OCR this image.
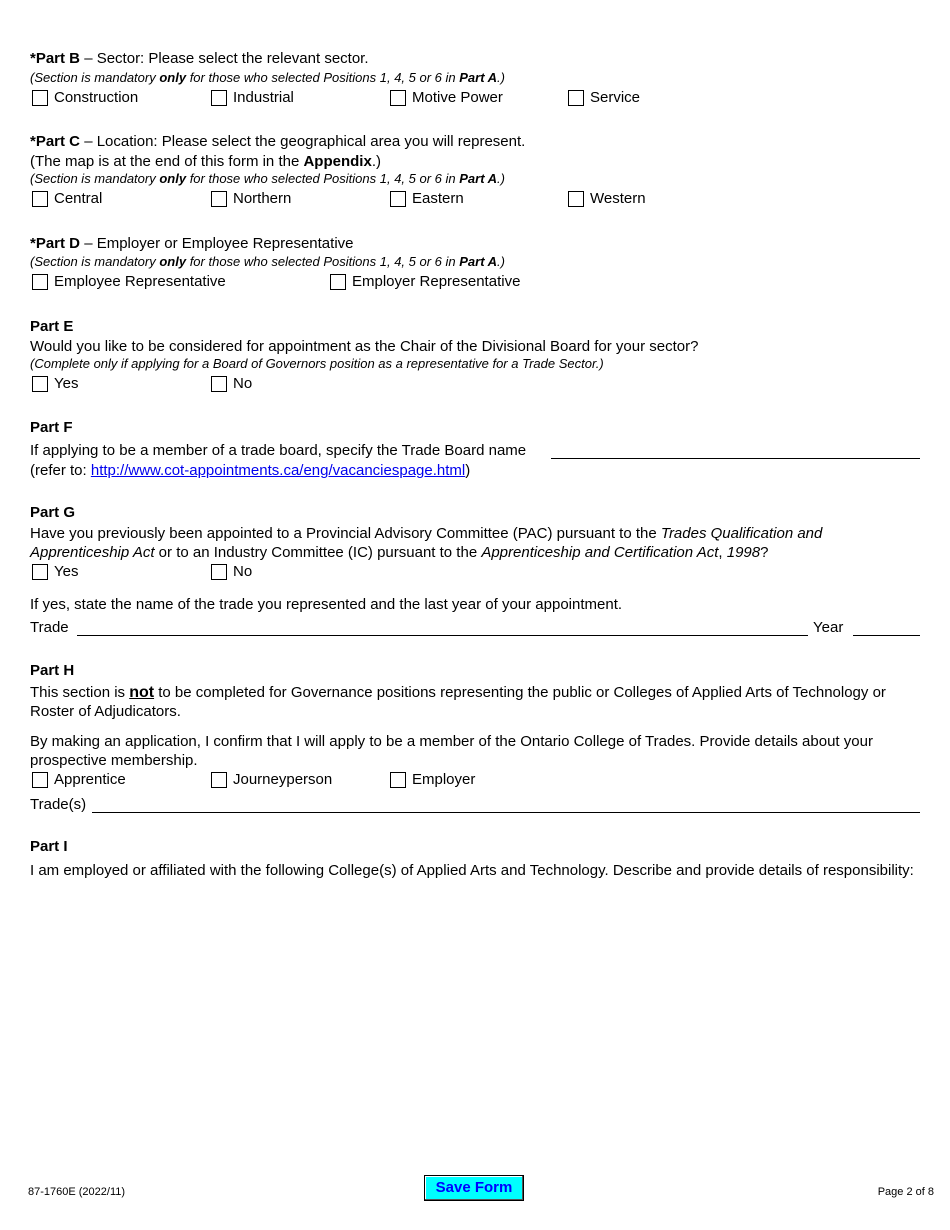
*Part B – Sector: Please select the relevant sector.
(Section is mandatory only for those who selected Positions 1, 4, 5 or 6 in Part A.)
Construction	Industrial	Motive Power	Service
*Part C – Location: Please select the geographical area you will represent.
(The map is at the end of this form in the Appendix.)
(Section is mandatory only for those who selected Positions 1, 4, 5 or 6 in Part A.)
Central	Northern	Eastern	Western
*Part D – Employer or Employee Representative
(Section is mandatory only for those who selected Positions 1, 4, 5 or 6 in Part A.)
Employee Representative	Employer Representative
Part E
Would you like to be considered for appointment as the Chair of the Divisional Board for your sector?
(Complete only if applying for a Board of Governors position as a representative for a Trade Sector.)
Yes	No
Part F
If applying to be a member of a trade board, specify the Trade Board name
(refer to: http://www.cot-appointments.ca/eng/vacanciespage.html)
Part G
Have you previously been appointed to a Provincial Advisory Committee (PAC) pursuant to the Trades Qualification and Apprenticeship Act or to an Industry Committee (IC) pursuant to the Apprenticeship and Certification Act, 1998?
Yes	No
If yes, state the name of the trade you represented and the last year of your appointment.
Trade	Year
Part H
This section is not to be completed for Governance positions representing the public or Colleges of Applied Arts of Technology or Roster of Adjudicators.
By making an application, I confirm that I will apply to be a member of the Ontario College of Trades. Provide details about your prospective membership.
Apprentice	Journeyperson	Employer
Trade(s)
Part I
I am employed or affiliated with the following College(s) of Applied Arts and Technology. Describe and provide details of responsibility:
87-1760E (2022/11)	Save Form	Page 2 of 8
